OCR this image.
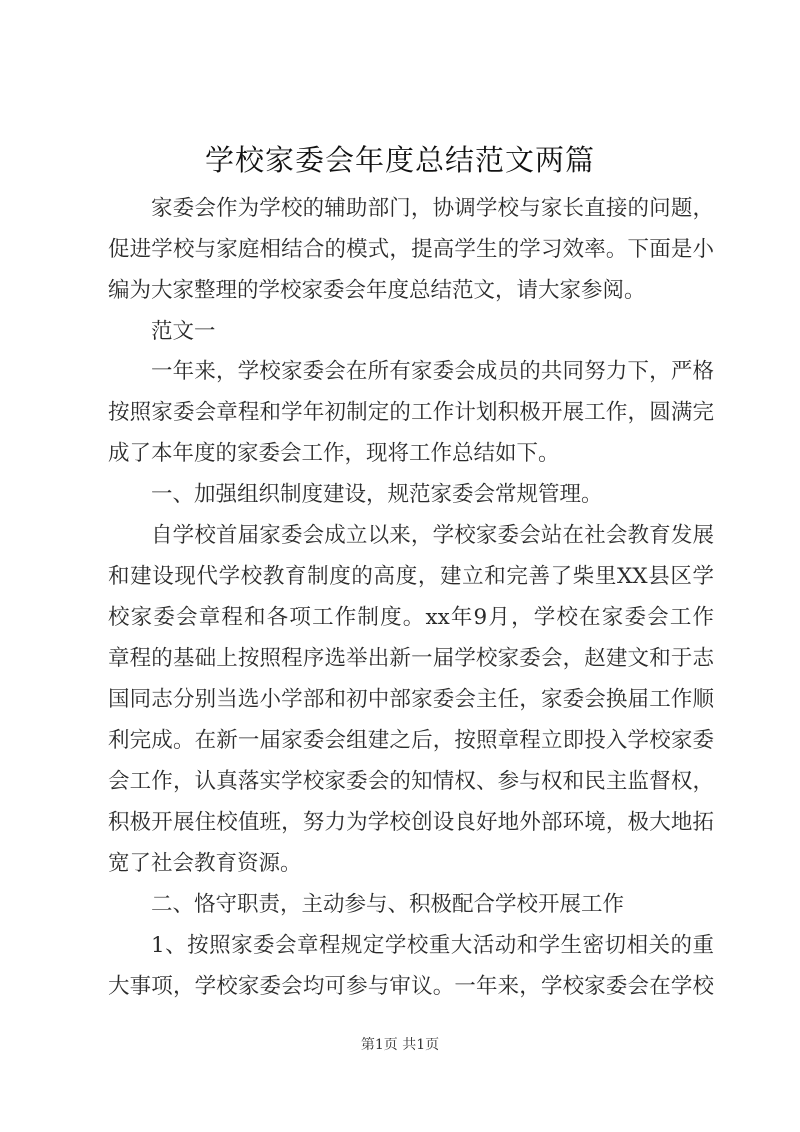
学校家委会年度总结范文两篇
家委会作为学校的辅助部门，协调学校与家长直接的问题，
促进学校与家庭相结合的模式，提高学生的学习效率。下面是小
编为大家整理的学校家委会年度总结范文，请大家参阅。
范文一
一年来，学校家委会在所有家委会成员的共同努力下，严格
按照家委会章程和学年初制定的工作计划积极开展工作，圆满完
成了本年度的家委会工作，现将工作总结如下。
一、加强组织制度建设，规范家委会常规管理。
自学校首届家委会成立以来，学校家委会站在社会教育发展
和建设现代学校教育制度的高度，建立和完善了柴里XX县区学
校家委会章程和各项工作制度。xx年9月，学校在家委会工作
章程的基础上按照程序选举出新一届学校家委会，赵建文和于志
国同志分别当选小学部和初中部家委会主任，家委会换届工作顺
利完成。在新一届家委会组建之后，按照章程立即投入学校家委
会工作，认真落实学校家委会的知情权、参与权和民主监督权，
积极开展住校值班，努力为学校创设良好地外部环境，极大地拓
宽了社会教育资源。
二、恪守职责，主动参与、积极配合学校开展工作
1、按照家委会章程规定学校重大活动和学生密切相关的重
大事项，学校家委会均可参与审议。一年来，学校家委会在学校
第1页 共1页
